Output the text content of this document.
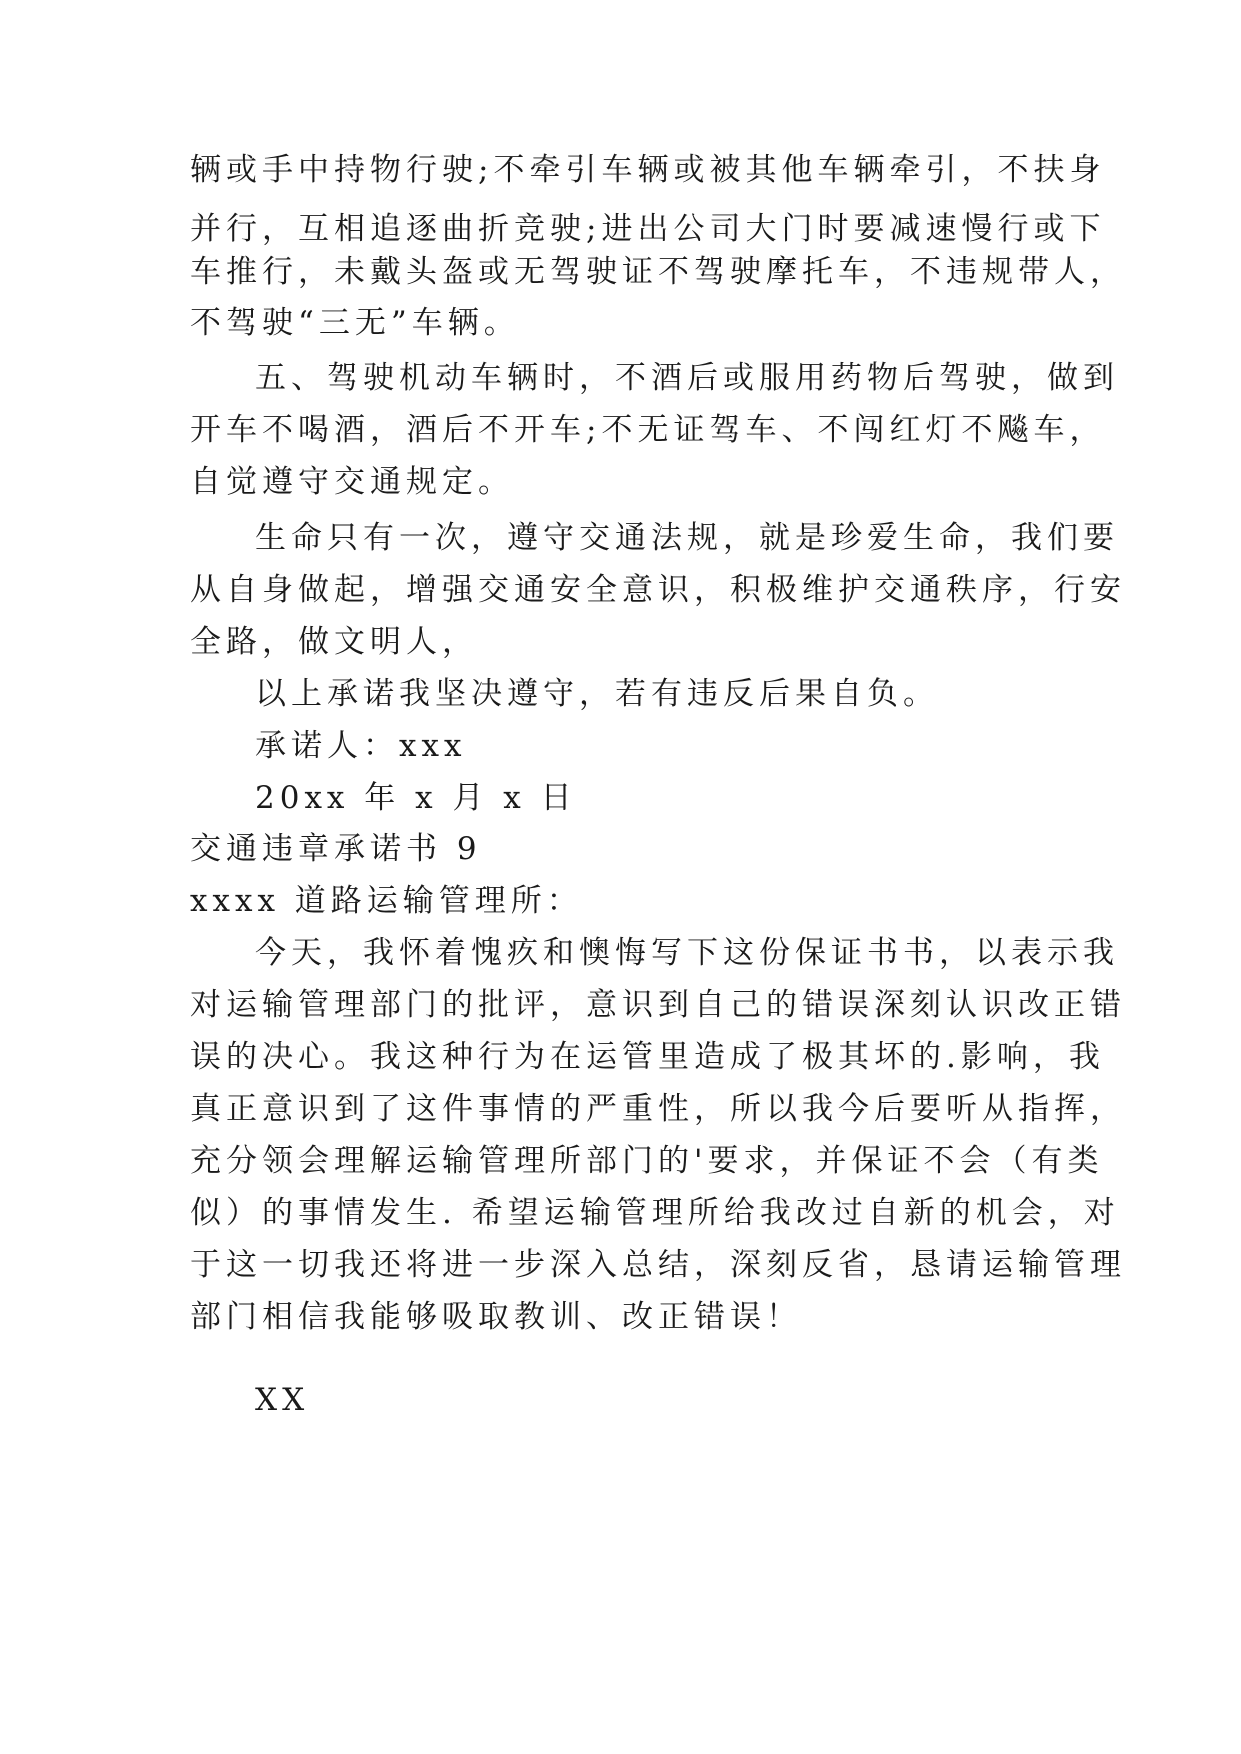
辆或手中持物行驶;不牵引车辆或被其他车辆牵引，不扶身
并行，互相追逐曲折竞驶;进出公司大门时要减速慢行或下
车推行，未戴头盔或无驾驶证不驾驶摩托车，不违规带人，
不驾驶“三无”车辆。
五、驾驶机动车辆时，不酒后或服用药物后驾驶，做到
开车不喝酒，酒后不开车;不无证驾车、不闯红灯不飚车，
自觉遵守交通规定。
生命只有一次，遵守交通法规，就是珍爱生命，我们要
从自身做起，增强交通安全意识，积极维护交通秩序，行安
全路，做文明人，
以上承诺我坚决遵守，若有违反后果自负。
承诺人：xxx
20xx 年 x 月 x 日
交通违章承诺书 9
xxxx 道路运输管理所：
今天，我怀着愧疚和懊悔写下这份保证书书，以表示我
对运输管理部门的批评，意识到自己的错误深刻认识改正错
误的决心。我这种行为在运管里造成了极其坏的.影响，我
真正意识到了这件事情的严重性，所以我今后要听从指挥，
充分领会理解运输管理所部门的'要求，并保证不会（有类
似）的事情发生. 希望运输管理所给我改过自新的机会，对
于这一切我还将进一步深入总结，深刻反省，恳请运输管理
部门相信我能够吸取教训、改正错误！
XX
